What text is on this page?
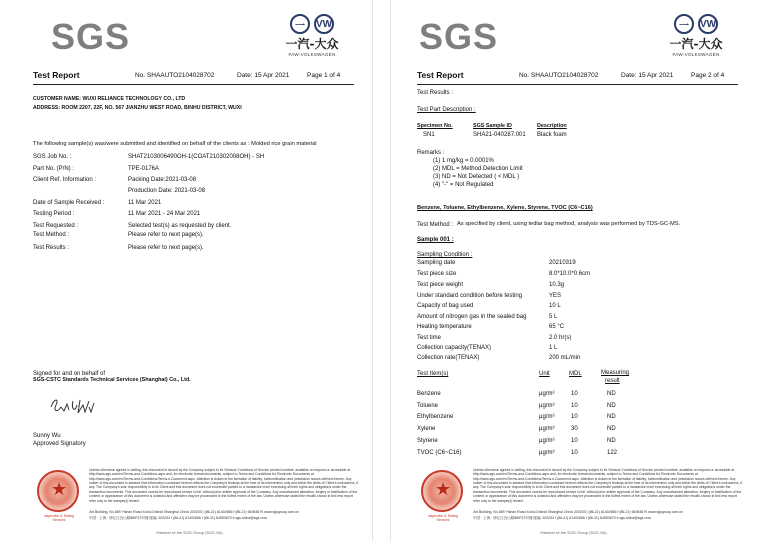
SGS	一	VW
一汽-大众
FAW-VOLKSWAGEN
Test Report	No. SHAAUTO2104028702	Date: 15 Apr 2021	Page 1 of 4
CUSTOMER NAME: WUXI RELIANCE TECHNOLOGY CO., LTD
ADDRESS: ROOM 2207, 22F, NO. 567 JIANZHU WEST ROAD, BINHU DISTRICT, WUXI
The following sample(s) was/were submitted and identified on behalf of the clients as : Molded rice grain material
SGS Job No. :	SHAT2103006490OH-1(COAT210302008OH) - SH
Part No. (P/N) :	TPE-0176A
Client Ref. Information :	Packing Date:2021-03-08
Production Date: 2021-03-08
Date of Sample Received :	11 Mar 2021
Testing Period :	11 Mar 2021 - 24 Mar 2021
Test Requested :	Selected test(s) as requested by client.
Test Method :	Please refer to next page(s).
Test Results :	Please refer to next page(s).
Signed for and on behalf of
SGS-CSTC Standards Technical Services (Shanghai) Co., Ltd.
Sunny Wu
Approved Signatory
★
Inspection & Testing Services
Unless otherwise agreed in writing, this document is issued by the Company subject to its General Conditions of Service printed overleaf, available on request or accessible at http://www.sgs.com/en/Terms-and-Conditions.aspx and, for electronic format documents, subject to Terms and Conditions for Electronic Documents at http://www.sgs.com/en/Terms-and-Conditions/Terms-e-Document.aspx. Attention is drawn to the limitation of liability, indemnification and jurisdiction issues defined therein. Any holder of this document is advised that information contained hereon reflects the Company's findings at the time of its intervention only and within the limits of Client's instructions, if any. The Company's sole responsibility is to its Client and this document does not exonerate parties to a transaction from exercising all their rights and obligations under the transaction documents. This document cannot be reproduced except in full, without prior written approval of the Company. Any unauthorized alteration, forgery or falsification of the content or appearance of this document is unlawful and offenders may be prosecuted to the fullest extent of the law. Unless otherwise stated the results shown in this test report refer only to the sample(s) tested.
3rd Building, No.889 Yishan Road Xuhui District Shanghai China 200233 t (86-21) 61402666 f (86-21) 64953679 www.sgsgroup.com.cn
中国 · 上海 · 徐汇区宜山路889号3号楼 邮编: 200233 t (86-21) 61402666 f (86-21) 64953679 e sgs.china@sgs.com
Member of the SGS Group (SGS SA)
SGS	一	VW
一汽-大众
FAW-VOLKSWAGEN
Test Report	No. SHAAUTO2104028702	Date: 15 Apr 2021	Page 2 of 4
Test Results :
Test Part Description :
Specimen No.	SGS Sample ID	Description
SN1	SHA21-040287.001 Black foam
Remarks :
(1) 1 mg/kg = 0.0001%
(2) MDL = Method Detection Limit
(3) ND = Not Detected ( < MDL )
(4) "-" = Not Regulated
Benzene, Toluene, Ethylbenzene, Xylene, Styrene, TVOC (C6~C16)
Test Method : As specified by client, using tedlar bag method, analysis was performed by TDS-GC-MS.
Sample 001 :
Sampling Condition :
Sampling date	20210319
Test piece size	8.0*10.0*0.6cm
Test piece weight	10.3g
Under standard condition before testing	YES
Capacity of bag used	10 L
Amount of nitrogen gas in the sealed bag	5 L
Heating temperature	65 °C
Test time	2.0 hr(s)
Collection capacity(TENAX)	1 L
Collection rate(TENAX)	200 mL/min
Test Item(s)	Unit	MDL	Measuring
result
Benzene	μg/m³	10	ND
Toluene	μg/m³	10	ND
Ethylbenzene	μg/m³	10	ND
Xylene	μg/m³	30	ND
Styrene	μg/m³	10	ND
TVOC (C6~C16)	μg/m³	10	122
★
Inspection & Testing Services
Unless otherwise agreed in writing, this document is issued by the Company subject to its General Conditions of Service printed overleaf, available on request or accessible at http://www.sgs.com/en/Terms-and-Conditions.aspx and, for electronic format documents, subject to Terms and Conditions for Electronic Documents at http://www.sgs.com/en/Terms-and-Conditions/Terms-e-Document.aspx. Attention is drawn to the limitation of liability, indemnification and jurisdiction issues defined therein. Any holder of this document is advised that information contained hereon reflects the Company's findings at the time of its intervention only and within the limits of Client's instructions, if any. The Company's sole responsibility is to its Client and this document does not exonerate parties to a transaction from exercising all their rights and obligations under the transaction documents. This document cannot be reproduced except in full, without prior written approval of the Company. Any unauthorized alteration, forgery or falsification of the content or appearance of this document is unlawful and offenders may be prosecuted to the fullest extent of the law. Unless otherwise stated the results shown in this test report refer only to the sample(s) tested.
3rd Building, No.889 Yishan Road Xuhui District Shanghai China 200233 t (86-21) 61402666 f (86-21) 64953679 www.sgsgroup.com.cn
中国 · 上海 · 徐汇区宜山路889号3号楼 邮编: 200233 t (86-21) 61402666 f (86-21) 64953679 e sgs.china@sgs.com
Member of the SGS Group (SGS SA)
